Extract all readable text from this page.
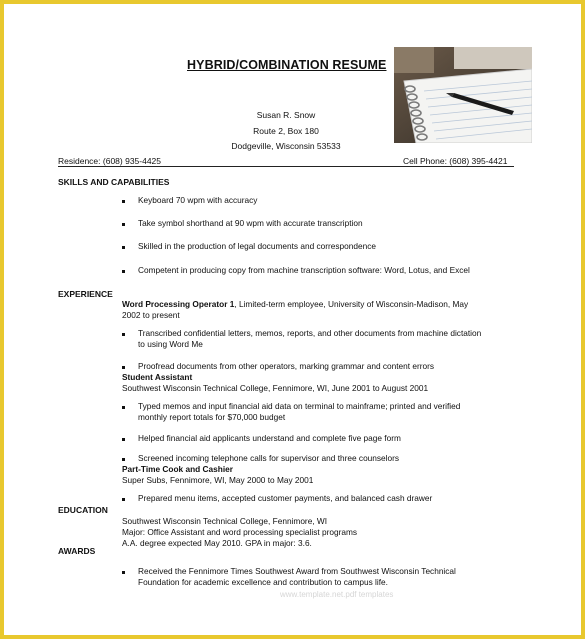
HYBRID/COMBINATION RESUME
Susan R. Snow
Route 2, Box 180
Dodgeville, Wisconsin 53533
Residence: (608) 935-4425	Cell Phone: (608) 395-4421
SKILLS AND CAPABILITIES
Keyboard 70 wpm with accuracy
Take symbol shorthand at 90 wpm with accurate transcription
Skilled in the production of legal documents and correspondence
Competent in producing copy from machine transcription software: Word, Lotus, and Excel
EXPERIENCE
Word Processing Operator 1, Limited-term employee, University of Wisconsin-Madison, May
2002 to present
Transcribed confidential letters, memos, reports, and other documents from machine dictation
to using Word Me
Proofread documents from other operators, marking grammar and content errors
Student Assistant
Southwest Wisconsin Technical College, Fennimore, WI, June 2001 to August 2001
Typed memos and input financial aid data on terminal to mainframe; printed and verified
monthly report totals for $70,000 budget
Helped financial aid applicants understand and complete five page form
Screened incoming telephone calls for supervisor and three counselors
Part-Time Cook and Cashier
Super Subs, Fennimore, WI, May 2000 to May 2001
Prepared menu items, accepted customer payments, and balanced cash drawer
EDUCATION
Southwest Wisconsin Technical College, Fennimore, WI
Major: Office Assistant and word processing specialist programs
A.A. degree expected May 2010. GPA in major: 3.6.
AWARDS
Received the Fennimore Times Southwest Award from Southwest Wisconsin Technical
Foundation for academic excellence and contribution to campus life.
www.template.net.pdf templates
